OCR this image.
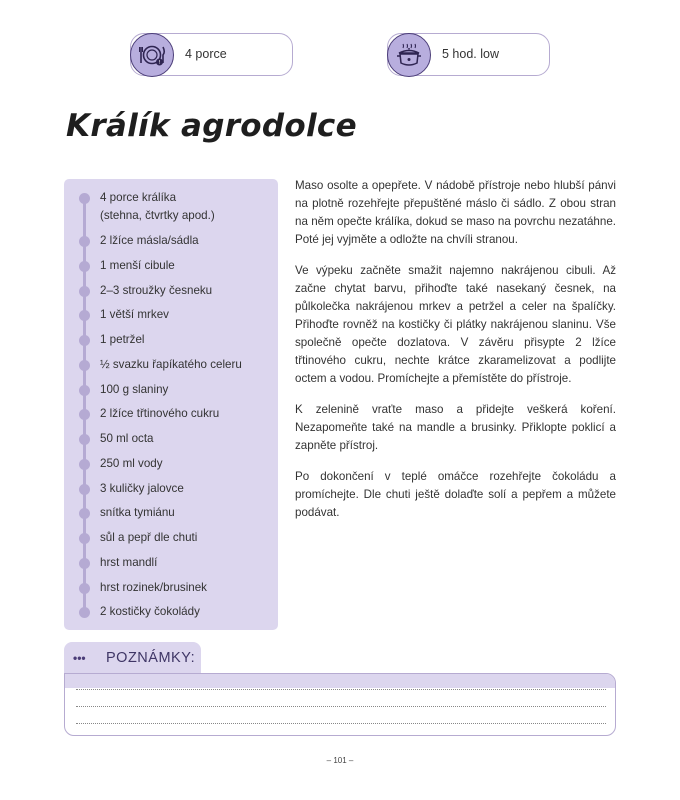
!
4 porce	5 hod. low
Králík agrodolce
4 porce králíka
(stehna, čtvrtky apod.)
2 lžíce másla/sádla
1 menší cibule
2–3 stroužky česneku
1 větší mrkev
1 petržel
½ svazku řapíkatého celeru
100 g slaniny
2 lžíce třtinového cukru
50 ml octa
250 ml vody
3 kuličky jalovce
snítka tymiánu
sůl a pepř dle chuti
hrst mandlí
hrst rozinek/brusinek
2 kostičky čokolády

Maso osolte a opepřete. V nádobě přístroje nebo hlubší pánvi na plotně rozehřejte přepuštěné máslo či sádlo. Z obou stran na něm opečte králíka, dokud se maso na povrchu nezatáhne. Poté jej vyjměte a odložte na chvíli stranou.

Ve výpeku začněte smažit najemno nakrájenou cibuli. Až začne chytat barvu, přihoďte také nasekaný česnek, na půlkolečka nakrájenou mrkev a petržel a celer na špalíčky. Přihoďte rovněž na kostičky či plátky nakrájenou slaninu. Vše společně opečte dozlatova. V závěru přisypte 2 lžíce třtinového cukru, nechte krátce zkaramelizovat a podlijte octem a vodou. Promíchejte a přemístěte do přístroje.

K zelenině vraťte maso a přidejte veškerá koření. Nezapomeňte také na mandle a brusinky. Přiklopte poklicí a zapněte přístroj.

Po dokončení v teplé omáčce rozehřejte čokoládu a promíchejte. Dle chuti ještě dolaďte solí a pepřem a můžete podávat.

••• POZNÁMKY:
– 101 –
